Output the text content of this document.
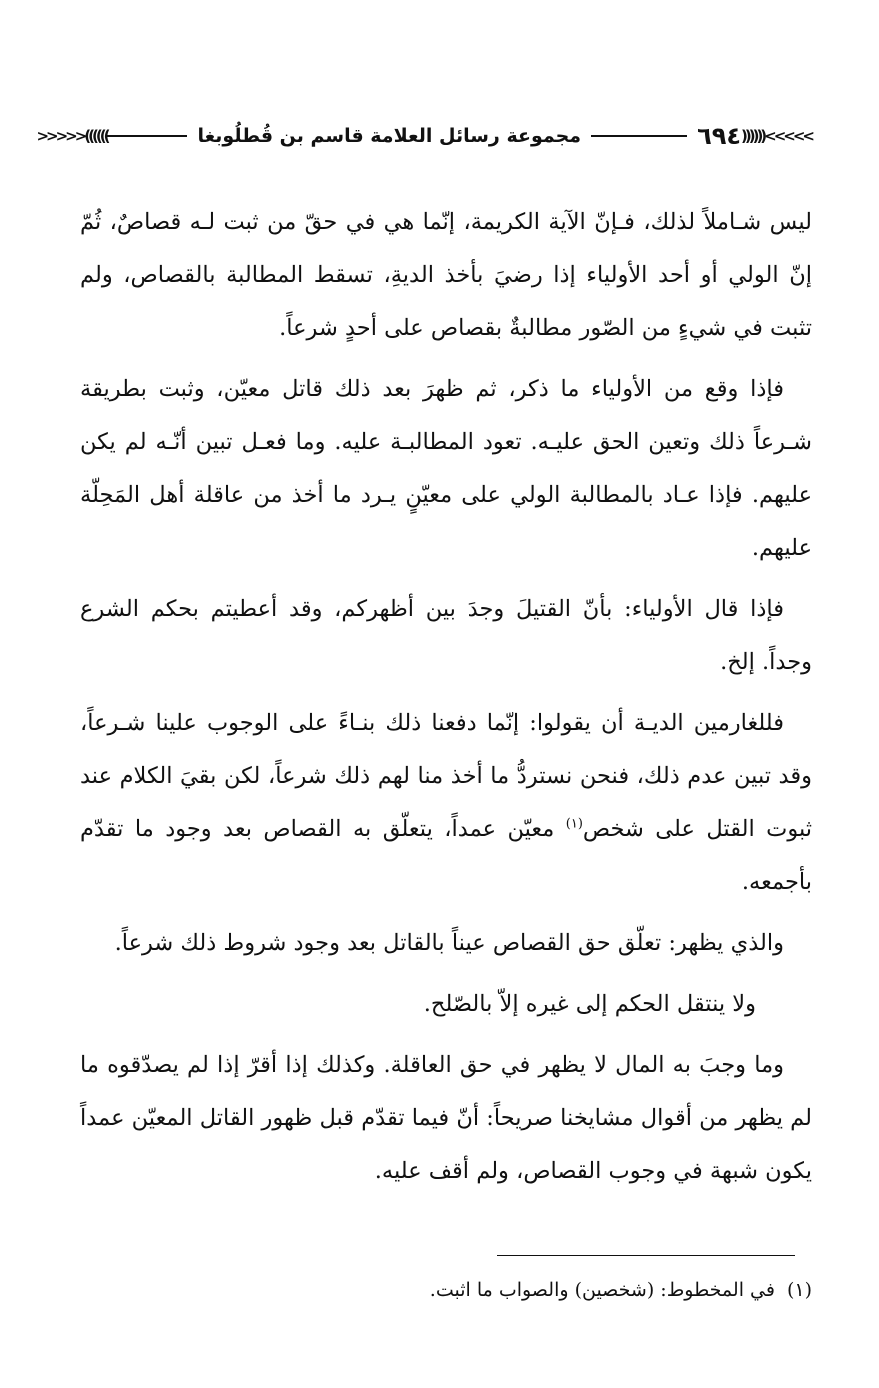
>>>>>
((((((
٦٩٤
مجموعة رسائل العلامة قاسم بن قُطلُوبغا
))))))
<<<<<

ليس شـاملاً لذلك، فـإنّ الآية الكريمة، إنّما هي في حقّ من ثبت لـه قصاصٌ، ثُمّ إنّ الولي أو أحد الأولياء إذا رضيَ بأخذ الديةِ، تسقط المطالبة بالقصاص، ولم تثبت في شيءٍ من الصّور مطالبةٌ بقصاص على أحدٍ شرعاً.

فإذا وقع من الأولياء ما ذكر، ثم ظهرَ بعد ذلك قاتل معيّن، وثبت بطريقة شـرعاً ذلك وتعين الحق عليـه. تعود المطالبـة عليه. وما فعـل تبين أنّـه لم يكن عليهم. فإذا عـاد بالمطالبة الولي على معيّنٍ يـرد ما أخذ من عاقلة أهل المَحِلّة عليهم.

فإذا قال الأولياء: بأنّ القتيلَ وجدَ بين أظهركم، وقد أعطيتم بحكم الشرع وجداً. إلخ.

فللغارمين الديـة أن يقولوا: إنّما دفعنا ذلك بنـاءً على الوجوب علينا شـرعاً، وقد تبين عدم ذلك، فنحن نستردُّ ما أخذ منا لهم ذلك شرعاً، لكن بقيَ الكلام عند ثبوت القتل على شخص$^{(١)}$ معيّن عمداً، يتعلّق به القصاص بعد وجود ما تقدّم بأجمعه.

والذي يظهر: تعلّق حق القصاص عيناً بالقاتل بعد وجود شروط ذلك شرعاً.

ولا ينتقل الحكم إلى غيره إلاّ بالصّلح.

وما وجبَ به المال لا يظهر في حق العاقلة. وكذلك إذا أقرّ إذا لم يصدّقوه ما لم يظهر من أقوال مشايخنا صريحاً: أنّ فيما تقدّم قبل ظهور القاتل المعيّن عمداً يكون شبهة في وجوب القصاص، ولم أقف عليه.

(١)في المخطوط: (شخصين) والصواب ما اثبت.
